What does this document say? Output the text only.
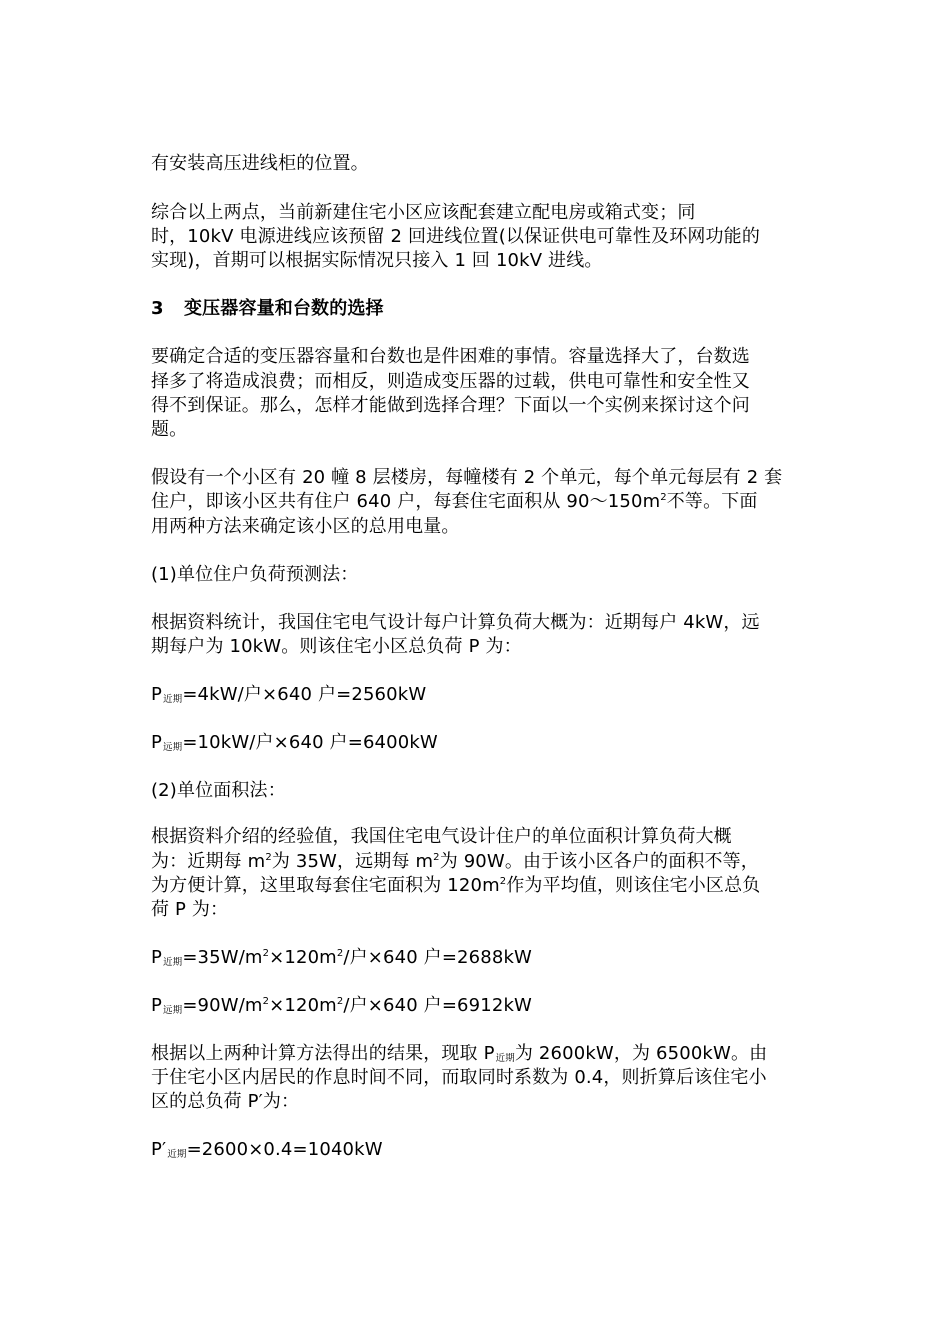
有安装高压进线柜的位置。
综合以上两点，当前新建住宅小区应该配套建立配电房或箱式变；同
时，10kV 电源进线应该预留 2 回进线位置(以保证供电可靠性及环网功能的
实现)，首期可以根据实际情况只接入 1 回 10kV 进线。
3 变压器容量和台数的选择
要确定合适的变压器容量和台数也是件困难的事情。容量选择大了，台数选
择多了将造成浪费；而相反，则造成变压器的过载，供电可靠性和安全性又
得不到保证。那么，怎样才能做到选择合理？下面以一个实例来探讨这个问
题。
假设有一个小区有 20 幢 8 层楼房，每幢楼有 2 个单元，每个单元每层有 2 套
住户，即该小区共有住户 640 户，每套住宅面积从 $90\sim 150m^2$不等。下面
用两种方法来确定该小区的总用电量。
(1)单位住户负荷预测法：
根据资料统计，我国住宅电气设计每户计算负荷大概为：近期每户 4kW，远
期每户为 10kW。则该住宅小区总负荷 P 为：
P近期=4kW/户×640 户=2560kW
P远期=10kW/户×640 户=6400kW
(2)单位面积法：
根据资料介绍的经验值，我国住宅电气设计住户的单位面积计算负荷大概
为：近期每 $m^2$为 35W，远期每 $m^2$为 90W。由于该小区各户的面积不等，
为方便计算，这里取每套住宅面积为 $120m^2$作为平均值，则该住宅小区总负
荷 P 为：
P近期$=35W/m^2\times 120m^2/$户×640 户=2688kW
P远期$=90W/m^2\times 120m^2/$户×640 户=6912kW
根据以上两种计算方法得出的结果，现取 P近期为 2600kW，为 6500kW。由
于住宅小区内居民的作息时间不同，而取同时系数为 0.4，则折算后该住宅小
区的总负荷 P′为：
P′近期=2600×0.4=1040kW
